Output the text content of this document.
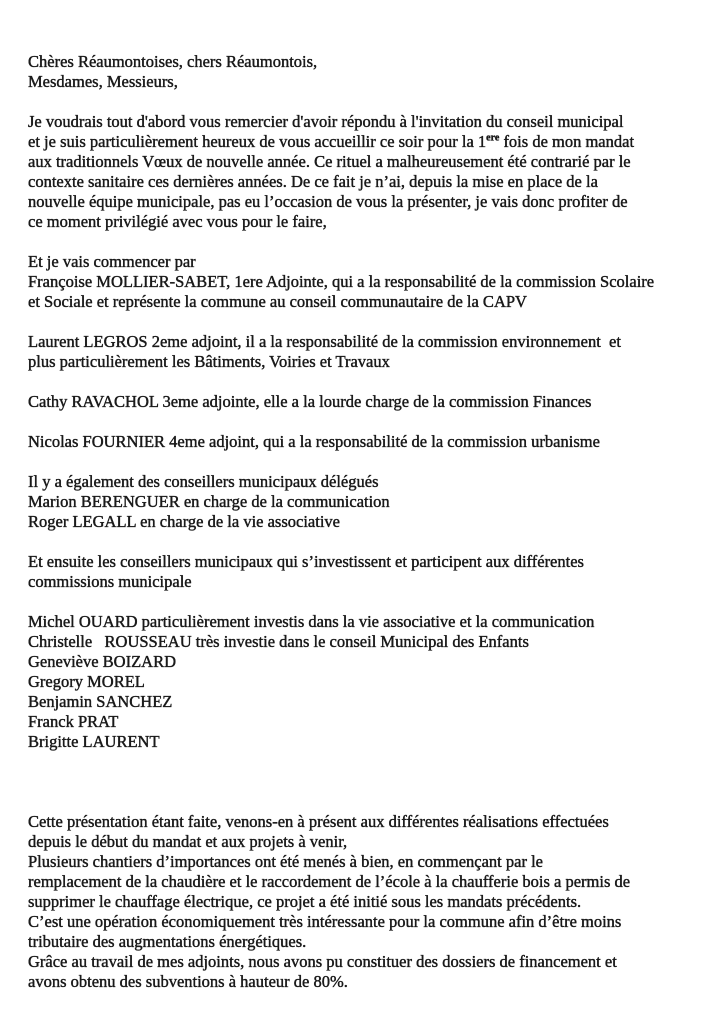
Chères Réaumontoises, chers Réaumontois,
Mesdames, Messieurs,

Je voudrais tout d'abord vous remercier d'avoir répondu à l'invitation du conseil municipal
et je suis particulièrement heureux de vous accueillir ce soir pour la 1ere fois de mon mandat
aux traditionnels Vœux de nouvelle année. Ce rituel a malheureusement été contrarié par le
contexte sanitaire ces dernières années. De ce fait je n’ai, depuis la mise en place de la
nouvelle équipe municipale, pas eu l’occasion de vous la présenter, je vais donc profiter de
ce moment privilégié avec vous pour le faire,

Et je vais commencer par
Françoise MOLLIER-SABET, 1ere Adjointe, qui a la responsabilité de la commission Scolaire
et Sociale et représente la commune au conseil communautaire de la CAPV

Laurent LEGROS 2eme adjoint, il a la responsabilité de la commission environnement  et
plus particulièrement les Bâtiments, Voiries et Travaux

Cathy RAVACHOL 3eme adjointe, elle a la lourde charge de la commission Finances

Nicolas FOURNIER 4eme adjoint, qui a la responsabilité de la commission urbanisme

Il y a également des conseillers municipaux délégués
Marion BERENGUER en charge de la communication
Roger LEGALL en charge de la vie associative

Et ensuite les conseillers municipaux qui s’investissent et participent aux différentes
commissions municipale

Michel OUARD particulièrement investis dans la vie associative et la communication
Christelle   ROUSSEAU très investie dans le conseil Municipal des Enfants
Geneviève BOIZARD
Gregory MOREL
Benjamin SANCHEZ
Franck PRAT
Brigitte LAURENT

Cette présentation étant faite, venons-en à présent aux différentes réalisations effectuées
depuis le début du mandat et aux projets à venir,
Plusieurs chantiers d’importances ont été menés à bien, en commençant par le
remplacement de la chaudière et le raccordement de l’école à la chaufferie bois a permis de
supprimer le chauffage électrique, ce projet a été initié sous les mandats précédents.
C’est une opération économiquement très intéressante pour la commune afin d’être moins
tributaire des augmentations énergétiques.
Grâce au travail de mes adjoints, nous avons pu constituer des dossiers de financement et
avons obtenu des subventions à hauteur de 80%.
